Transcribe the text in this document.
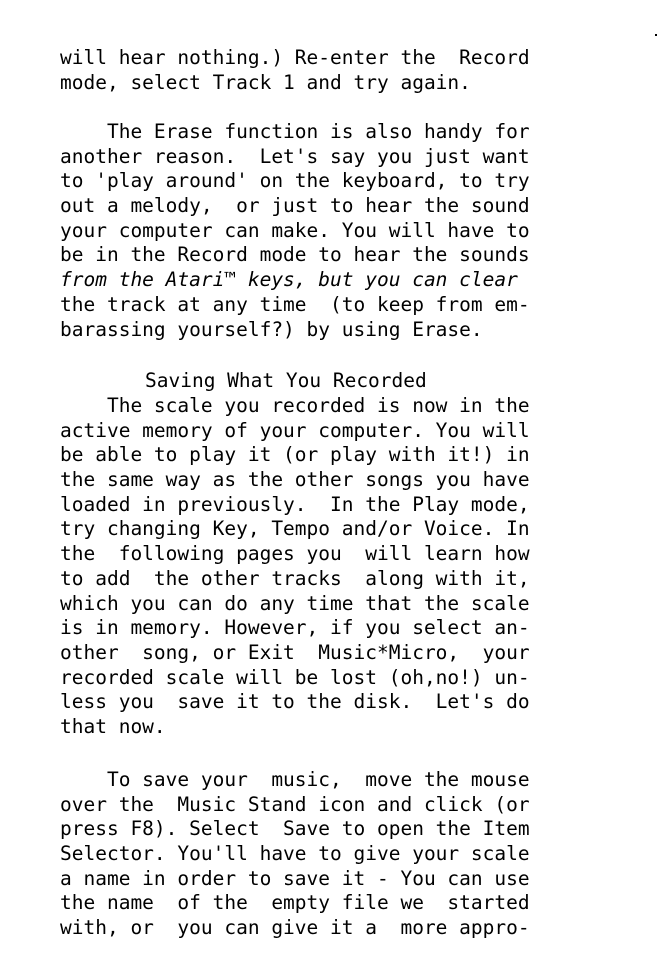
will hear nothing.) Re-enter the  Record
mode, select Track 1 and try again.
The Erase function is also handy for
another reason.  Let's say you just want
to 'play around' on the keyboard, to try
out a melody,  or just to hear the sound
your computer can make. You will have to
be in the Record mode to hear the sounds
from the Atari™ keys, but you can clear
the track at any time  (to keep from em-
barassing yourself?) by using Erase.
Saving What You Recorded
The scale you recorded is now in the
active memory of your computer. You will
be able to play it (or play with it!) in
the same way as the other songs you have
loaded in previously.  In the Play mode,
try changing Key, Tempo and/or Voice. In
the  following pages you  will learn how
to add  the other tracks  along with it,
which you can do any time that the scale
is in memory. However, if you select an-
other  song, or Exit  Music*Micro,  your
recorded scale will be lost (oh,no!) un-
less you  save it to the disk.  Let's do
that now.
To save your  music,  move the mouse
over the  Music Stand icon and click (or
press F8). Select  Save to open the Item
Selector. You'll have to give your scale
a name in order to save it - You can use
the name  of the  empty file we  started
with, or  you can give it a  more appro-
